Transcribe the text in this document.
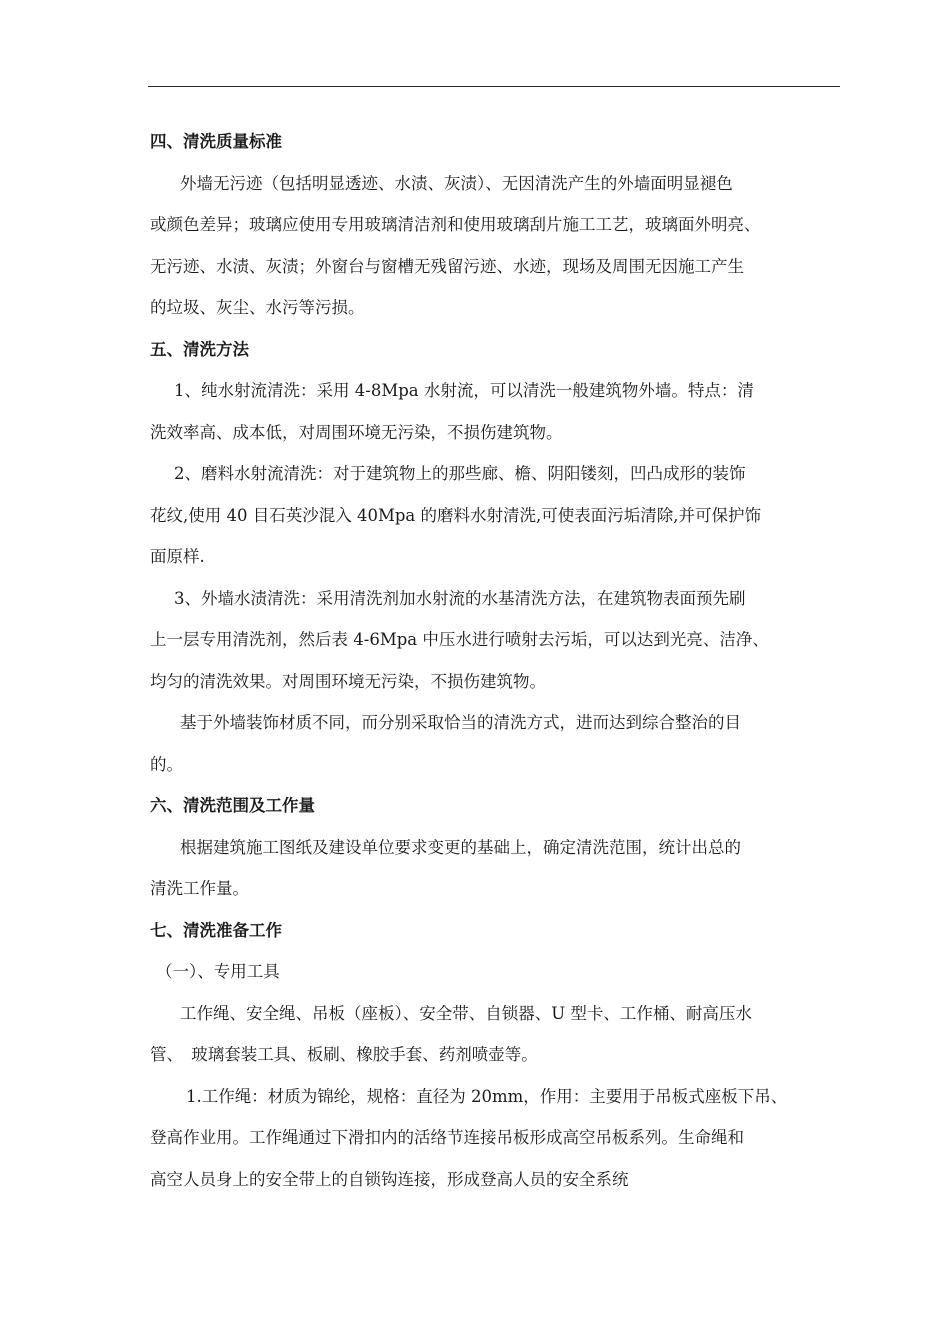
四、清洗质量标准
外墙无污迹（包括明显透迹、水渍、灰渍）、无因清洗产生的外墙面明显褪色
或颜色差异；玻璃应使用专用玻璃清洁剂和使用玻璃刮片施工工艺，玻璃面外明亮、
无污迹、水渍、灰渍；外窗台与窗槽无残留污迹、水迹，现场及周围无因施工产生
的垃圾、灰尘、水污等污损。
五、清洗方法
1、纯水射流清洗：采用 4-8Mpa 水射流，可以清洗一般建筑物外墙。特点：清
洗效率高、成本低，对周围环境无污染，不损伤建筑物。
2、磨料水射流清洗：对于建筑物上的那些廊、檐、阴阳镂刻，凹凸成形的装饰
花纹,使用 40 目石英沙混入 40Mpa 的磨料水射清洗,可使表面污垢清除,并可保护饰
面原样.
3、外墙水渍清洗：采用清洗剂加水射流的水基清洗方法，在建筑物表面预先刷
上一层专用清洗剂，然后表 4-6Mpa 中压水进行喷射去污垢，可以达到光亮、洁净、
均匀的清洗效果。对周围环境无污染，不损伤建筑物。
基于外墙装饰材质不同，而分别采取恰当的清洗方式，进而达到综合整治的目
的。
六、清洗范围及工作量
根据建筑施工图纸及建设单位要求变更的基础上，确定清洗范围，统计出总的
清洗工作量。
七、清洗准备工作
（一）、专用工具
工作绳、安全绳、吊板（座板）、安全带、自锁器、U 型卡、工作桶、耐高压水
管、　玻璃套装工具、板刷、橡胶手套、药剂喷壶等。
1.工作绳：材质为锦纶，规格：直径为 20mm，作用：主要用于吊板式座板下吊、
登高作业用。工作绳通过下滑扣内的活络节连接吊板形成高空吊板系列。生命绳和
高空人员身上的安全带上的自锁钩连接，形成登高人员的安全系统
